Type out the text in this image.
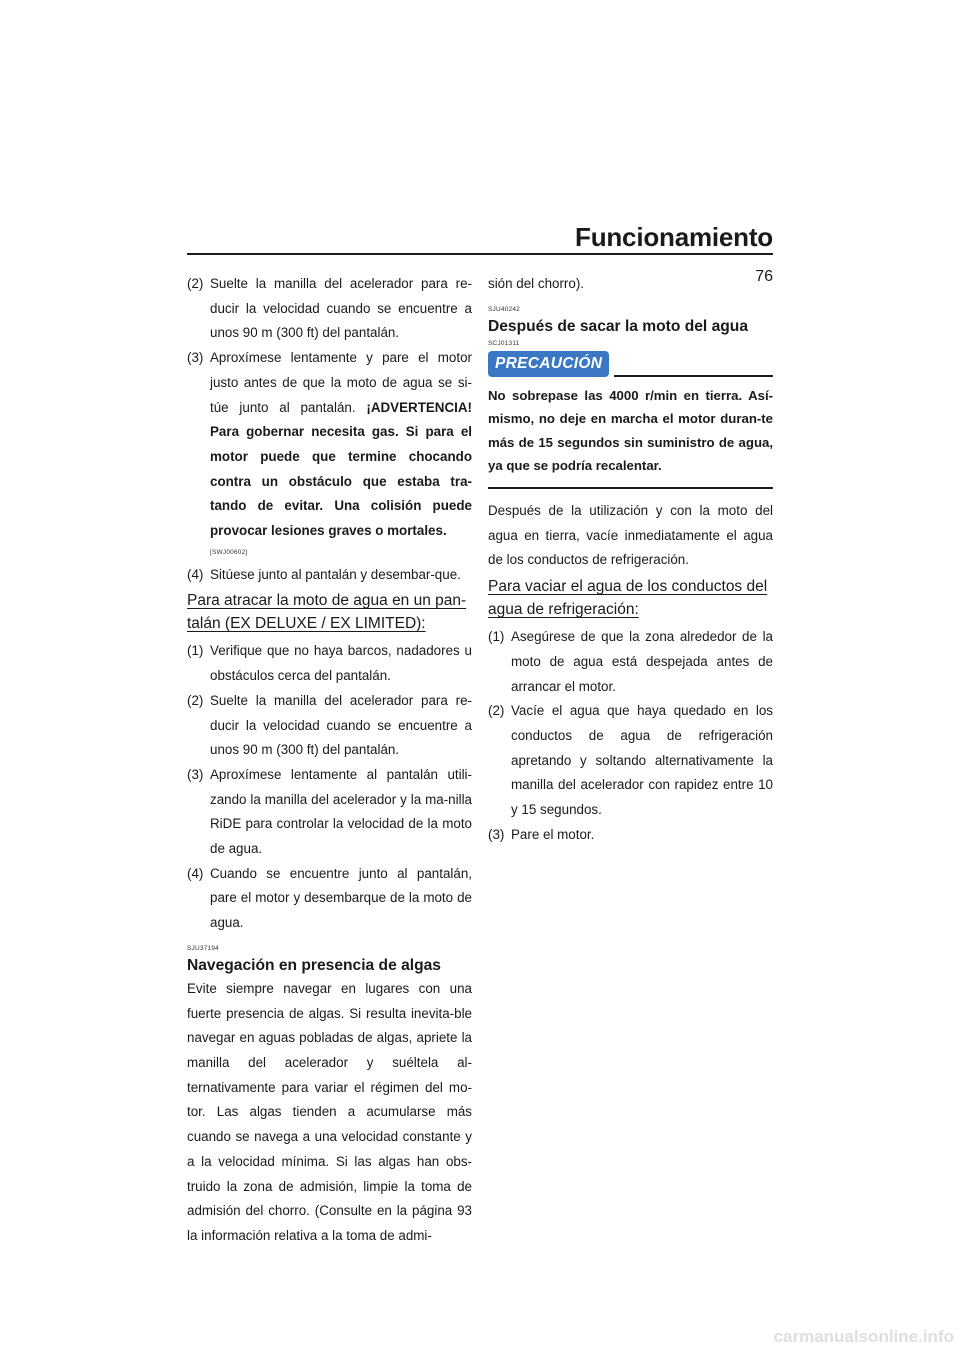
Funcionamiento
76
(2) Suelte la manilla del acelerador para re-ducir la velocidad cuando se encuentre a unos 90 m (300 ft) del pantalán.
(3) Aproxímese lentamente y pare el motor justo antes de que la moto de agua se si-túe junto al pantalán. ¡ADVERTENCIA! Para gobernar necesita gas. Si para el motor puede que termine chocando contra un obstáculo que estaba tra-tando de evitar. Una colisión puede provocar lesiones graves o mortales.
[SWJ00602]
(4) Sitúese junto al pantalán y desembar-que.
Para atracar la moto de agua en un pan-talán (EX DELUXE / EX LIMITED):
(1) Verifique que no haya barcos, nadadores u obstáculos cerca del pantalán.
(2) Suelte la manilla del acelerador para re-ducir la velocidad cuando se encuentre a unos 90 m (300 ft) del pantalán.
(3) Aproxímese lentamente al pantalán utili-zando la manilla del acelerador y la ma-nilla RiDE para controlar la velocidad de la moto de agua.
(4) Cuando se encuentre junto al pantalán, pare el motor y desembarque de la moto de agua.
SJU37194
Navegación en presencia de algas
Evite siempre navegar en lugares con una fuerte presencia de algas. Si resulta inevita-ble navegar en aguas pobladas de algas, apriete la manilla del acelerador y suéltela al-ternativamente para variar el régimen del mo-tor. Las algas tienden a acumularse más cuando se navega a una velocidad constante y a la velocidad mínima. Si las algas han obs-truido la zona de admisión, limpie la toma de admisión del chorro. (Consulte en la página 93 la información relativa a la toma de admi-
sión del chorro).
SJU40242
Después de sacar la moto del agua
SCJ01311
PRECAUCIÓN
No sobrepase las 4000 r/min en tierra. Así-mismo, no deje en marcha el motor duran-te más de 15 segundos sin suministro de agua, ya que se podría recalentar.
Después de la utilización y con la moto del agua en tierra, vacíe inmediatamente el agua de los conductos de refrigeración.
Para vaciar el agua de los conductos del agua de refrigeración:
(1) Asegúrese de que la zona alrededor de la moto de agua está despejada antes de arrancar el motor.
(2) Vacíe el agua que haya quedado en los conductos de agua de refrigeración apretando y soltando alternativamente la manilla del acelerador con rapidez entre 10 y 15 segundos.
(3) Pare el motor.
carmanualsonline.info
